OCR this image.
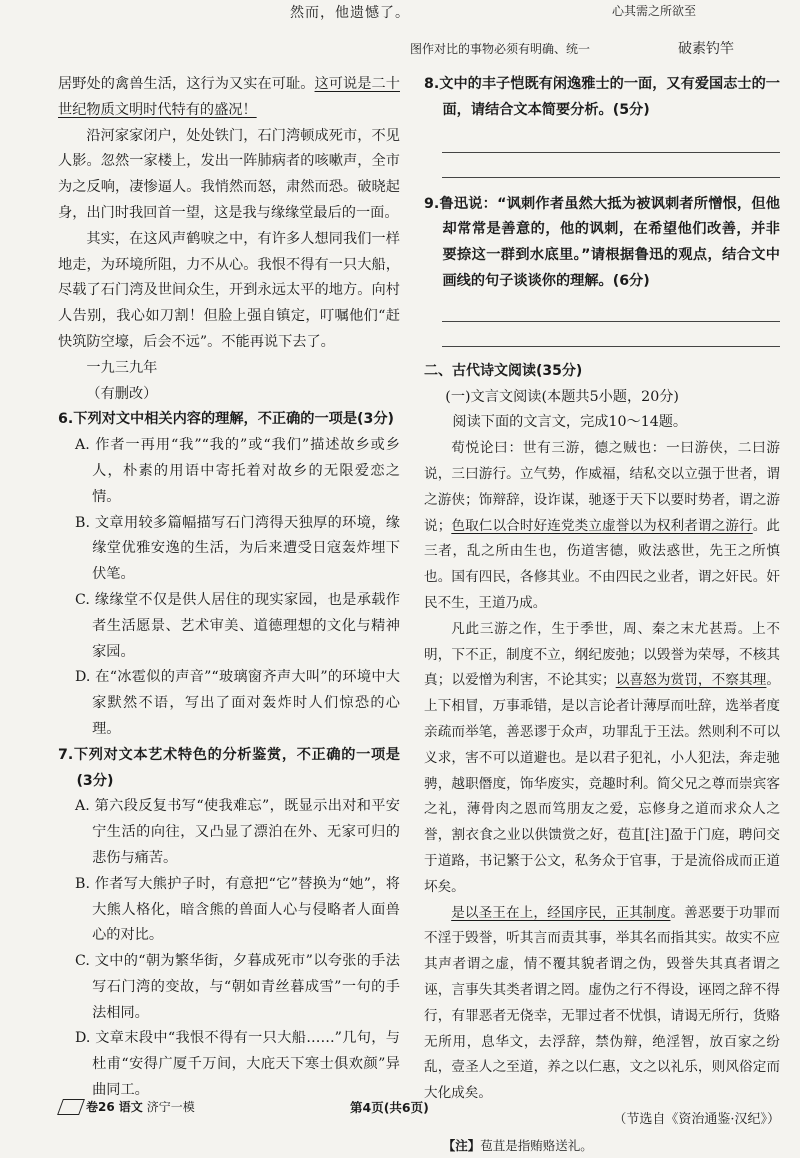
然而，他遗憾了。	心其需之所欲至
图作对比的事物必须有明确、统一	破素钓竿

居野处的禽兽生活，这行为又实在可耻。这可说是二十世纪物质文明时代特有的盛况！

沿河家家闭户，处处铁门，石门湾顿成死市，不见人影。忽然一家楼上，发出一阵肺病者的咳嗽声，全市为之反响，凄惨逼人。我悄然而怒，肃然而恐。破晓起身，出门时我回首一望，这是我与缘缘堂最后的一面。

其实，在这风声鹤唳之中，有许多人想同我们一样地走，为环境所阻，力不从心。我恨不得有一只大船，尽载了石门湾及世间众生，开到永远太平的地方。向村人告别，我心如刀割！但脸上强自镇定，叮嘱他们“赶快筑防空壕，后会不远”。不能再说下去了。

一九三九年

（有删改）

6.下列对文中相关内容的理解，不正确的一项是(3分)

A. 作者一再用“我”“我的”或“我们”描述故乡或乡人，朴素的用语中寄托着对故乡的无限爱恋之情。

B. 文章用较多篇幅描写石门湾得天独厚的环境，缘缘堂优雅安逸的生活，为后来遭受日寇轰炸埋下伏笔。

C. 缘缘堂不仅是供人居住的现实家园，也是承载作者生活愿景、艺术审美、道德理想的文化与精神家园。

D. 在“冰雹似的声音”“玻璃窗齐声大叫”的环境中大家默然不语，写出了面对轰炸时人们惊恐的心理。

7.下列对文本艺术特色的分析鉴赏，不正确的一项是(3分)

A. 第六段反复书写“使我难忘”，既显示出对和平安宁生活的向往，又凸显了漂泊在外、无家可归的悲伤与痛苦。

B. 作者写大熊护子时，有意把“它”替换为“她”，将大熊人格化，暗含熊的兽面人心与侵略者人面兽心的对比。

C. 文中的“朝为繁华街，夕暮成死市”以夸张的手法写石门湾的变故，与“朝如青丝暮成雪”一句的手法相同。

D. 文章末段中“我恨不得有一只大船……”几句，与杜甫“安得广厦千万间，大庇天下寒士俱欢颜”异曲同工。

8.文中的丰子恺既有闲逸雅士的一面，又有爱国志士的一面，请结合文本简要分析。(5分)

9.鲁迅说：“讽刺作者虽然大抵为被讽刺者所憎恨，但他却常常是善意的，他的讽刺，在希望他们改善，并非要捺这一群到水底里。”请根据鲁迅的观点，结合文中画线的句子谈谈你的理解。(6分)

二、古代诗文阅读(35分)

(一)文言文阅读(本题共5小题，20分)

阅读下面的文言文，完成10～14题。

荀悦论曰：世有三游，德之贼也：一曰游侠，二曰游说，三曰游行。立气势，作威福，结私交以立强于世者，谓之游侠；饰辩辞，设诈谋，驰逐于天下以要时势者，谓之游说；色取仁以合时好连党类立虚誉以为权利者谓之游行。此三者，乱之所由生也，伤道害德，败法惑世，先王之所慎也。国有四民，各修其业。不由四民之业者，谓之奸民。奸民不生，王道乃成。

凡此三游之作，生于季世，周、秦之末尤甚焉。上不明，下不正，制度不立，纲纪废弛；以毁誉为荣辱，不核其真；以爱憎为利害，不论其实；以喜怒为赏罚，不察其理。上下相冒，万事乖错，是以言论者计薄厚而吐辞，选举者度亲疏而举笔，善恶谬于众声，功罪乱于王法。然则利不可以义求，害不可以道避也。是以君子犯礼，小人犯法，奔走驰骋，越职僭度，饰华废实，竞趣时利。简父兄之尊而崇宾客之礼，薄骨肉之恩而笃朋友之爱，忘修身之道而求众人之誉，割衣食之业以供馈赏之好，苞苴[注]盈于门庭，聘问交于道路，书记繁于公文，私务众于官事，于是流俗成而正道坏矣。

是以圣王在上，经国序民，正其制度。善恶要于功罪而不淫于毁誉，听其言而责其事，举其名而指其实。故实不应其声者谓之虚，情不覆其貌者谓之伪，毁誉失其真者谓之诬，言事失其类者谓之罔。虚伪之行不得设，诬罔之辞不得行，有罪恶者无侥幸，无罪过者不忧惧，请谒无所行，货赂无所用，息华文，去浮辞，禁伪辩，绝淫智，放百家之纷乱，壹圣人之至道，养之以仁惠，文之以礼乐，则风俗定而大化成矣。

（节选自《资治通鉴·汉纪》）

【注】苞苴是指贿赂送礼。

卷26 语文 济宁一模	第4页(共6页)
